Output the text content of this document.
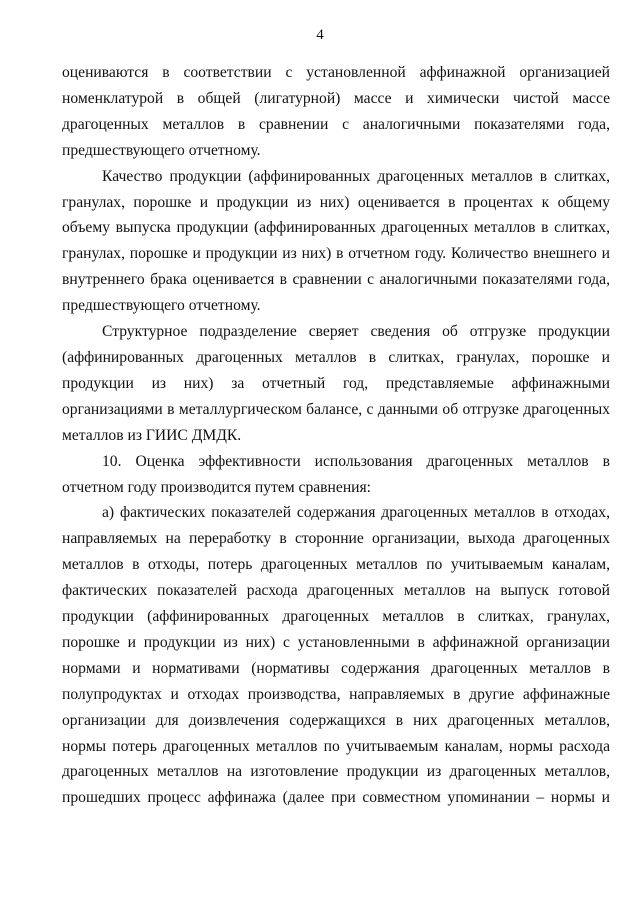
4

оцениваются в соответствии с установленной аффинажной организацией номенклатурой в общей (лигатурной) массе и химически чистой массе драгоценных металлов в сравнении с аналогичными показателями года, предшествующего отчетному.

Качество продукции (аффинированных драгоценных металлов в слитках, гранулах, порошке и продукции из них) оценивается в процентах к общему объему выпуска продукции (аффинированных драгоценных металлов в слитках, гранулах, порошке и продукции из них) в отчетном году. Количество внешнего и внутреннего брака оценивается в сравнении с аналогичными показателями года, предшествующего отчетному.

Структурное подразделение сверяет сведения об отгрузке продукции (аффинированных драгоценных металлов в слитках, гранулах, порошке и продукции из них) за отчетный год, представляемые аффинажными организациями в металлургическом балансе, с данными об отгрузке драгоценных металлов из ГИИС ДМДК.

10. Оценка эффективности использования драгоценных металлов в отчетном году производится путем сравнения:

а) фактических показателей содержания драгоценных металлов в отходах, направляемых на переработку в сторонние организации, выхода драгоценных металлов в отходы, потерь драгоценных металлов по учитываемым каналам, фактических показателей расхода драгоценных металлов на выпуск готовой продукции (аффинированных драгоценных металлов в слитках, гранулах, порошке и продукции из них) с установленными в аффинажной организации нормами и нормативами (нормативы содержания драгоценных металлов в полупродуктах и отходах производства, направляемых в другие аффинажные организации для доизвлечения содержащихся в них драгоценных металлов, нормы потерь драгоценных металлов по учитываемым каналам, нормы расхода драгоценных металлов на изготовление продукции из драгоценных металлов, прошедших процесс аффинажа (далее при совместном упоминании – нормы и
